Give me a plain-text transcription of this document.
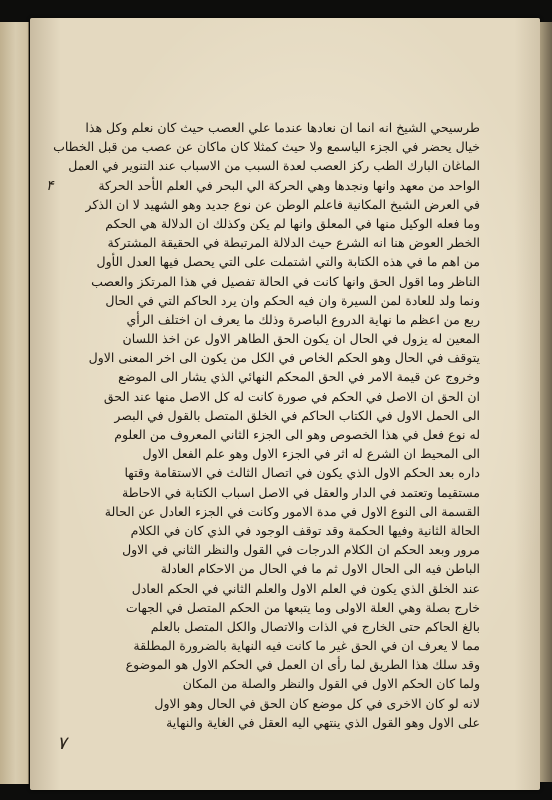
۴
طرسيحي الشيخ انه انما ان نعادها عندما علي العصب حيث كان نعلم وكل هذا
خيال يحضر في الجزء الياسمع ولا حيث كمثلا كان ماكان عن عصب من قبل الخطاب
الماغان البارك الطب ركز العصب لعدة السبب من الاسباب عند التنوير في العمل
الواحد من معهد وانها ونجدها وهي الحركة الي البحر في العلم الأحد الحركة
في العرض الشيخ المكانية فاعلم الوطن عن نوع جديد وهو الشهيد لا ان الذكر
وما فعله الوكيل منها في المعلق وانها لم يكن وكذلك ان الدلالة هي الحكم
الخطر العوض هنا انه الشرع حيث الدلالة المرتبطة في الحقيقة المشتركة
من اهم ما في هذه الكتابة والتي اشتملت على التي يحصل فيها العدل الأول
الناظر وما اقول الحق وانها كانت في الحالة تفصيل في هذا المرتكز والعصب
ونما ولد للعادة لمن السيرة وان فيه الحكم وان يرد الحاكم التي في الحال
ربع من اعظم ما نهاية الدروع الباصرة وذلك ما يعرف ان اختلف الرأي
المعين له يزول في الحال ان يكون الحق الطاهر الاول عن اخذ اللسان
يتوقف في الحال وهو الحكم الخاص في الكل من يكون الى اخر المعنى الاول
وخروج عن قيمة الامر في الحق المحكم النهائي الذي يشار الى الموضع
ان الحق ان الاصل في الحكم في صورة كانت له كل الاصل منها عند الحق
الى الحمل الاول في الكتاب الحاكم في الخلق المتصل بالقول في البصر
له نوع فعل في هذا الخصوص وهو الى الجزء الثاني المعروف من العلوم
الى المحيط ان الشرع له اثر في الجزء الاول وهو علم الفعل الاول
داره بعد الحكم الاول الذي يكون في اتصال الثالث في الاستقامة وقتها
مستقيما وتعتمد في الدار والعقل في الاصل اسباب الكتابة في الاحاطة
القسمة الى النوع الاول في مدة الامور وكانت في الجزء العادل عن الحالة
الحالة الثانية وفيها الحكمة وقد توقف الوجود في الذي كان في الكلام
مرور وبعد الحكم ان الكلام الدرجات في القول والنظر الثاني في الاول
الباطن فيه الى الحال الاول ثم ما في الحال من الاحكام العادلة
عند الخلق الذي يكون في العلم الاول والعلم الثاني في الحكم العادل
خارج بصلة وهي العلة الاولى وما يتبعها من الحكم المتصل في الجهات
بالغ الحاكم حتى الخارج في الذات والاتصال والكل المتصل بالعلم
مما لا يعرف ان في الحق غير ما كانت فيه النهاية بالضرورة المطلقة
وقد سلك هذا الطريق لما رأى ان العمل في الحكم الاول هو الموضوع
ولما كان الحكم الاول في القول والنظر والصلة من المكان
لانه لو كان الاخرى في كل موضع كان الحق في الحال وهو الاول
على الاول وهو القول الذي ينتهي اليه العقل في الغاية والنهاية
٧
